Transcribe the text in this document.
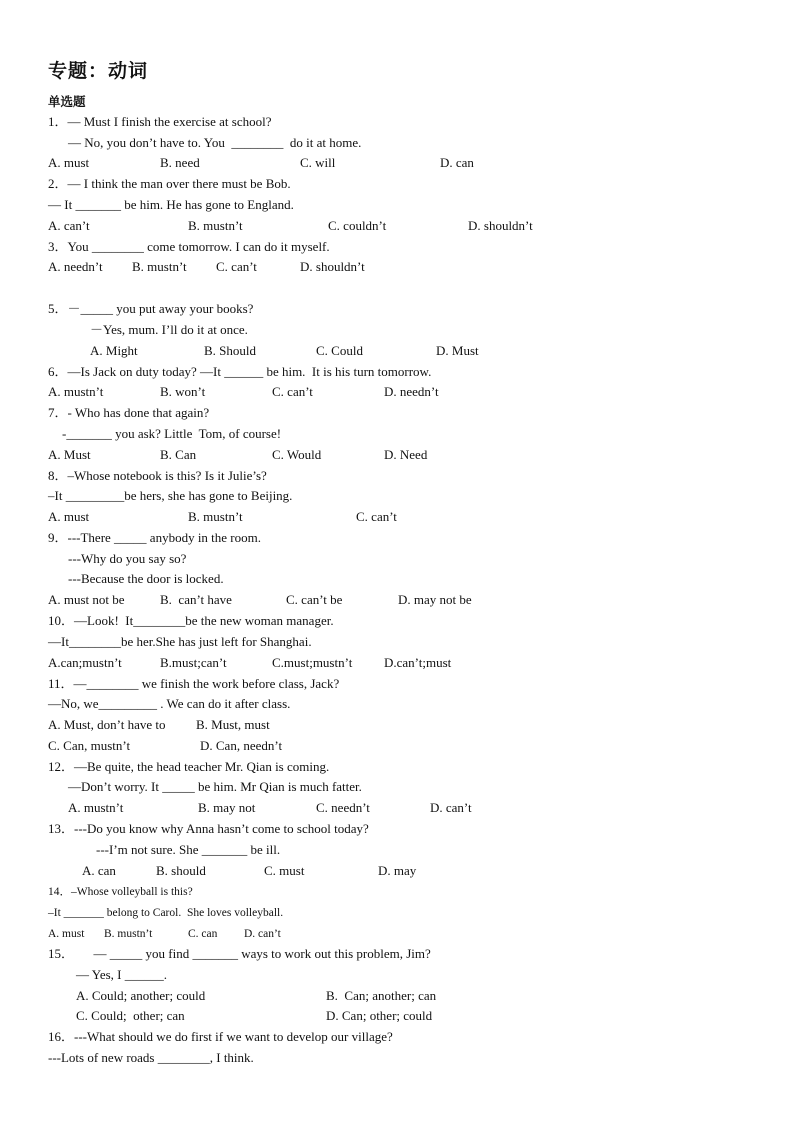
专题：动词
单选题
1．— Must I finish the exercise at school?
— No, you don’t have to. You  ________  do it at home.
A. must	B. need	C. will	D. can
2．— I think the man over there must be Bob.
— It _______ be him. He has gone to England.
A. can’t	B. mustn’t	C. couldn’t	D. shouldn’t
3．You ________ come tomorrow. I can do it myself.
A. needn’t B. mustn’t C. can’t	D. shouldn’t
5．－_____ you put away your books?
－Yes, mum. I’ll do it at once.
A. Might	B. Should	C. Could	D. Must
6．—Is Jack on duty today? —It ______ be him.  It is his turn tomorrow.
A. mustn’t	B. won’t	C. can’t	D. needn’t
7．- Who has done that again?
-_______ you ask? Little  Tom, of course!
A. Must	B. Can	C. Would	D. Need
8．–Whose notebook is this? Is it Julie’s?
–It _________be hers, she has gone to Beijing.
A. must	B. mustn’t	C. can’t
9．---There _____ anybody in the room.
---Why do you say so?
---Because the door is locked.
A. must not be	B.  can’t have	C. can’t be	D. may not be
10．—Look!  It________be the new woman manager.
—It________be her.She has just left for Shanghai.
A.can;mustn’t	B.must;can’t	C.must;mustn’t D.can’t;must
11．—________ we finish the work before class, Jack?
—No, we_________ . We can do it after class.
A. Must, don’t have to B. Must, must
C. Can, mustn’t	D. Can, needn’t
12．—Be quite, the head teacher Mr. Qian is coming.
—Don’t worry. It _____ be him. Mr Qian is much fatter.
A. mustn’t	B. may not	C. needn’t	D. can’t
13．---Do you know why Anna hasn’t come to school today?
---I’m not sure. She _______ be ill.
A. can	B. should	C. must	D. may
14．–Whose volleyball is this?
–It _______ belong to Carol.  She loves volleyball.
A. must B. mustn’t	C. can D. can’t
15．      — _____ you find _______ ways to work out this problem, Jim?
— Yes, I ______.
A. Could; another; could	B.  Can; another; can
C. Could;  other; can	D. Can; other; could
16．---What should we do first if we want to develop our village?
---Lots of new roads ________, I think.
